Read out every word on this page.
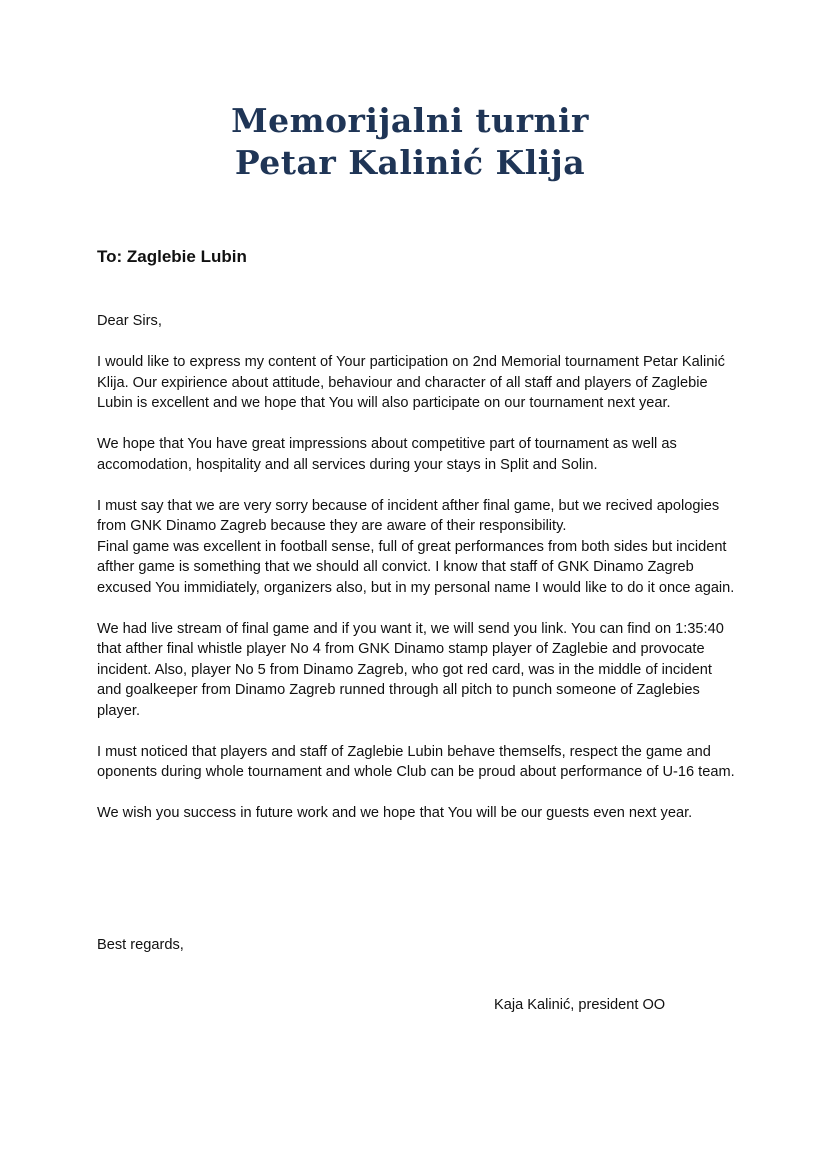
Memorijalni turnir
Petar Kalinić Klija
To: Zaglebie Lubin

Dear Sirs,

I would like to express my content of Your participation on 2nd Memorial tournament Petar Kalinić Klija. Our expirience about attitude, behaviour and character of all staff and players of Zaglebie Lubin is excellent and we hope that You will also participate on our tournament next year.

We hope that You have great impressions about competitive part of tournament as well as accomodation, hospitality and all services during your stays in Split and Solin.

I must say that we are very sorry because of incident afther final game, but we recived apologies from GNK Dinamo Zagreb because they are aware of their responsibility.

Final game was excellent in football sense, full of great performances from both sides but incident afther game is something that we should all convict. I know that staff of GNK Dinamo Zagreb excused You immidiately, organizers also, but in my personal name I would like to do it once again.

We had live stream of final game and if you want it, we will send you link. You can find on 1:35:40 that afther final whistle player No 4 from GNK Dinamo stamp player of Zaglebie and provocate incident. Also, player No 5 from Dinamo Zagreb, who got red card, was in the middle of incident and goalkeeper from Dinamo Zagreb runned through all pitch to punch someone of Zaglebies player.

I must noticed that players and staff of Zaglebie Lubin behave themselfs, respect the game and oponents during whole tournament and whole Club can be proud about performance of U-16 team.

We wish you success in future work and we hope that You will be our guests even next year.

Best regards,
Kaja Kalinić, president OO
